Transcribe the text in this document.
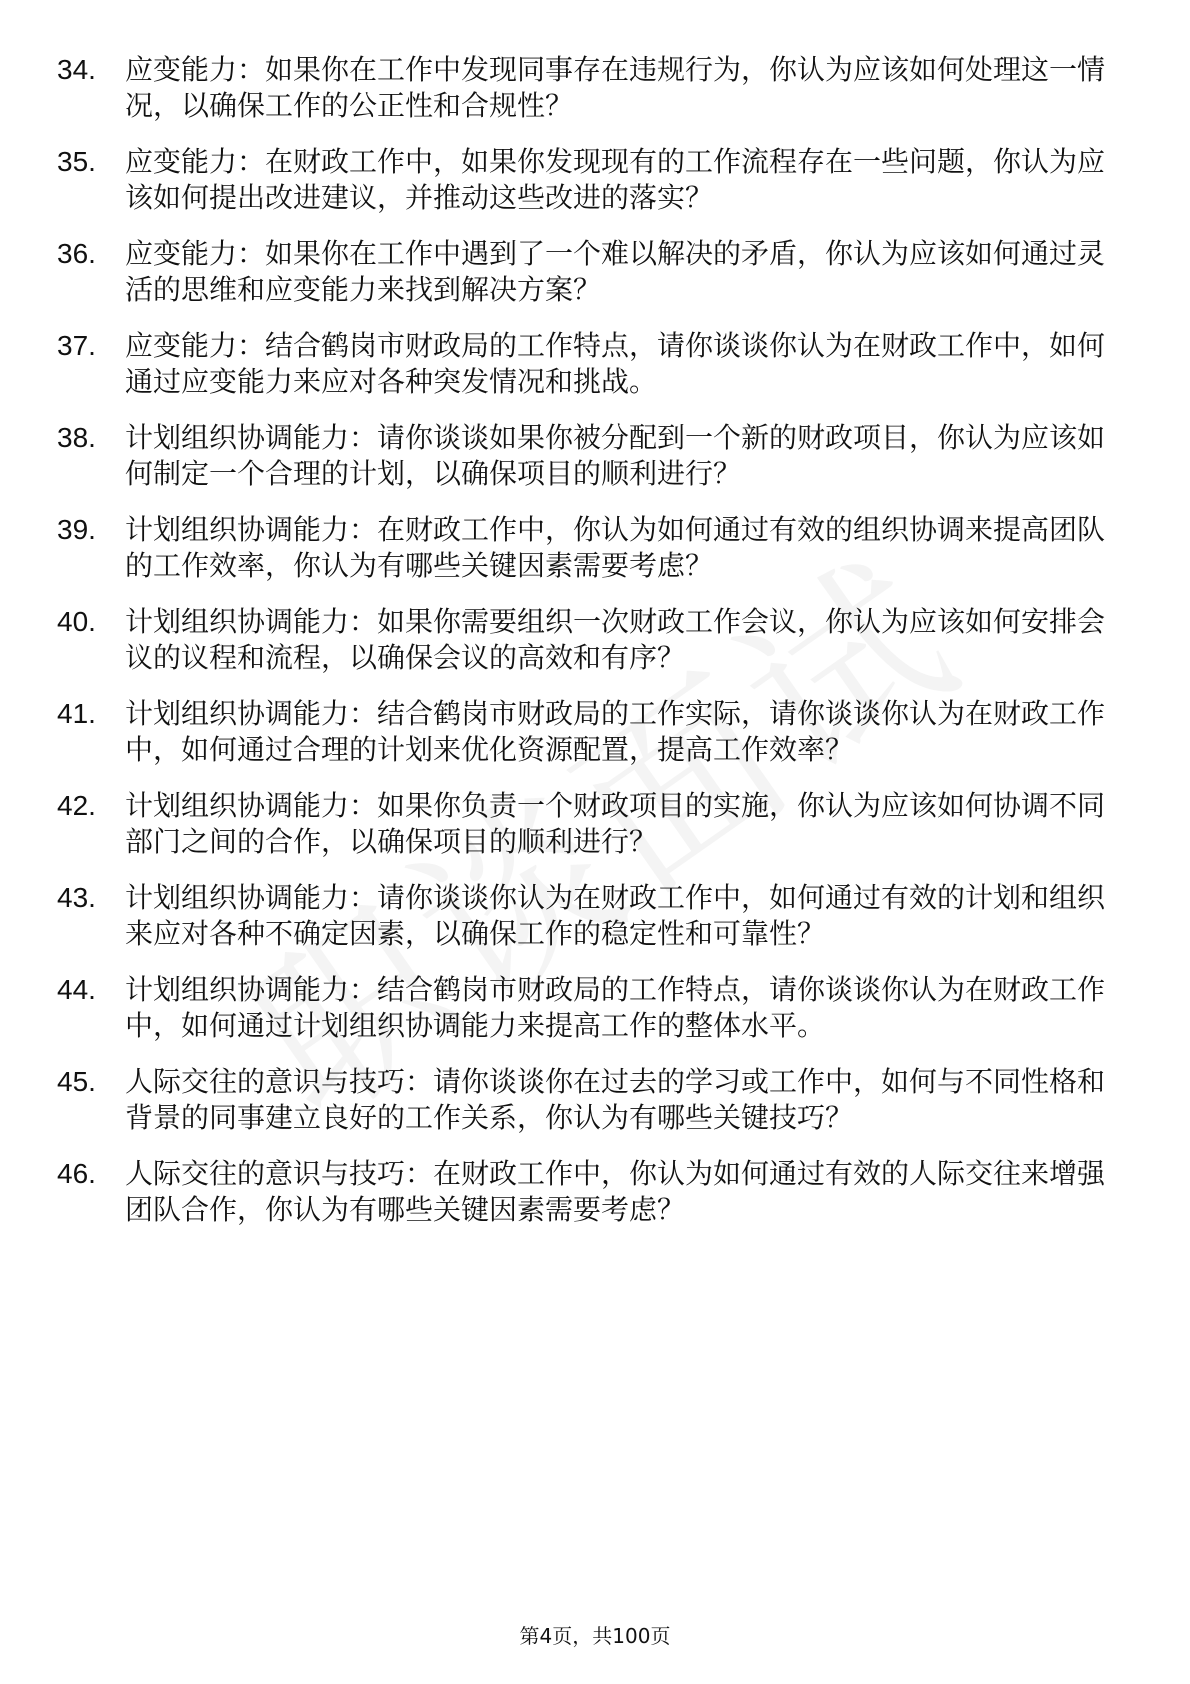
34.	应变能力：如果你在工作中发现同事存在违规行为，你认为应该如何处理这一情况，以确保工作的公正性和合规性？
35.	应变能力：在财政工作中，如果你发现现有的工作流程存在一些问题，你认为应该如何提出改进建议，并推动这些改进的落实？
36.	应变能力：如果你在工作中遇到了一个难以解决的矛盾，你认为应该如何通过灵活的思维和应变能力来找到解决方案？
37.	应变能力：结合鹤岗市财政局的工作特点，请你谈谈你认为在财政工作中，如何通过应变能力来应对各种突发情况和挑战。
38.	计划组织协调能力：请你谈谈如果你被分配到一个新的财政项目，你认为应该如何制定一个合理的计划，以确保项目的顺利进行？
39.	计划组织协调能力：在财政工作中，你认为如何通过有效的组织协调来提高团队的工作效率，你认为有哪些关键因素需要考虑？
40.	计划组织协调能力：如果你需要组织一次财政工作会议，你认为应该如何安排会议的议程和流程，以确保会议的高效和有序？
41.	计划组织协调能力：结合鹤岗市财政局的工作实际，请你谈谈你认为在财政工作中，如何通过合理的计划来优化资源配置，提高工作效率？
42.	计划组织协调能力：如果你负责一个财政项目的实施，你认为应该如何协调不同部门之间的合作，以确保项目的顺利进行？
43.	计划组织协调能力：请你谈谈你认为在财政工作中，如何通过有效的计划和组织来应对各种不确定因素，以确保工作的稳定性和可靠性？
44.	计划组织协调能力：结合鹤岗市财政局的工作特点，请你谈谈你认为在财政工作中，如何通过计划组织协调能力来提高工作的整体水平。
45.	人际交往的意识与技巧：请你谈谈你在过去的学习或工作中，如何与不同性格和背景的同事建立良好的工作关系，你认为有哪些关键技巧？
46.	人际交往的意识与技巧：在财政工作中，你认为如何通过有效的人际交往来增强团队合作，你认为有哪些关键因素需要考虑？
第4页，共100页
